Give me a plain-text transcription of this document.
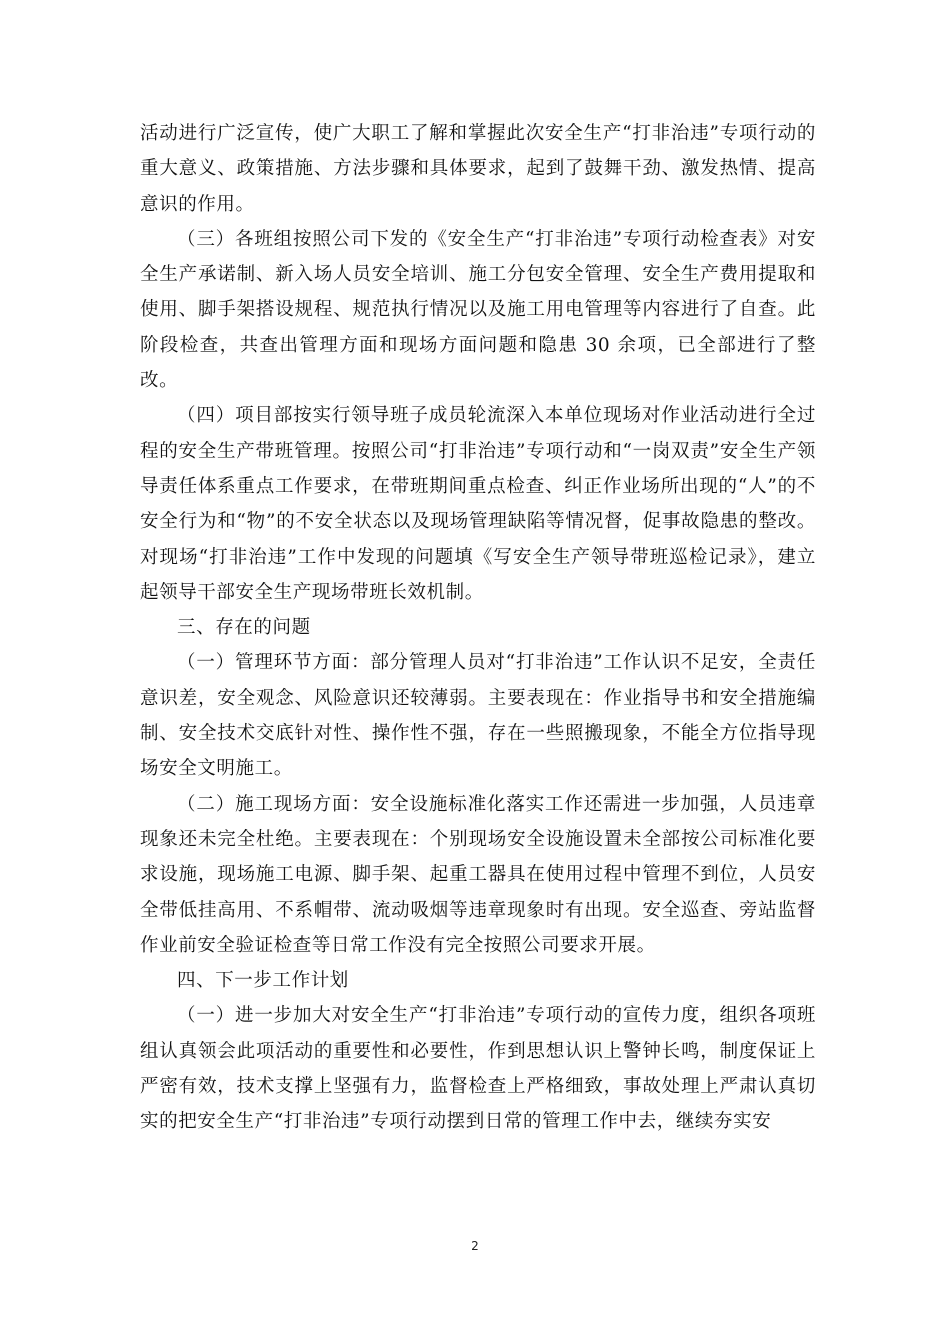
活动进行广泛宣传，使广大职工了解和掌握此次安全生产“打非治违”专项行动的重大意义、政策措施、方法步骤和具体要求，起到了鼓舞干劲、激发热情、提高意识的作用。

（三）各班组按照公司下发的《安全生产“打非治违”专项行动检查表》对安全生产承诺制、新入场人员安全培训、施工分包安全管理、安全生产费用提取和使用、脚手架搭设规程、规范执行情况以及施工用电管理等内容进行了自查。此阶段检查，共查出管理方面和现场方面问题和隐患 30 余项，已全部进行了整改。

（四）项目部按实行领导班子成员轮流深入本单位现场对作业活动进行全过程的安全生产带班管理。按照公司“打非治违”专项行动和“一岗双责”安全生产领导责任体系重点工作要求，在带班期间重点检查、纠正作业场所出现的“人”的不安全行为和“物”的不安全状态以及现场管理缺陷等情况督，促事故隐患的整改。对现场“打非治违”工作中发现的问题填《写安全生产领导带班巡检记录》，建立起领导干部安全生产现场带班长效机制。

三、存在的问题

（一）管理环节方面：部分管理人员对“打非治违”工作认识不足安，全责任意识差，安全观念、风险意识还较薄弱。主要表现在：作业指导书和安全措施编制、安全技术交底针对性、操作性不强，存在一些照搬现象，不能全方位指导现场安全文明施工。

（二）施工现场方面：安全设施标准化落实工作还需进一步加强，人员违章现象还未完全杜绝。主要表现在：个别现场安全设施设置未全部按公司标准化要求设施，现场施工电源、脚手架、起重工器具在使用过程中管理不到位，人员安全带低挂高用、不系帽带、流动吸烟等违章现象时有出现。安全巡查、旁站监督作业前安全验证检查等日常工作没有完全按照公司要求开展。

四、下一步工作计划

（一）进一步加大对安全生产“打非治违”专项行动的宣传力度，组织各项班组认真领会此项活动的重要性和必要性，作到思想认识上警钟长鸣，制度保证上严密有效，技术支撑上坚强有力，监督检查上严格细致，事故处理上严肃认真切实的把安全生产“打非治违”专项行动摆到日常的管理工作中去，继续夯实安

2
